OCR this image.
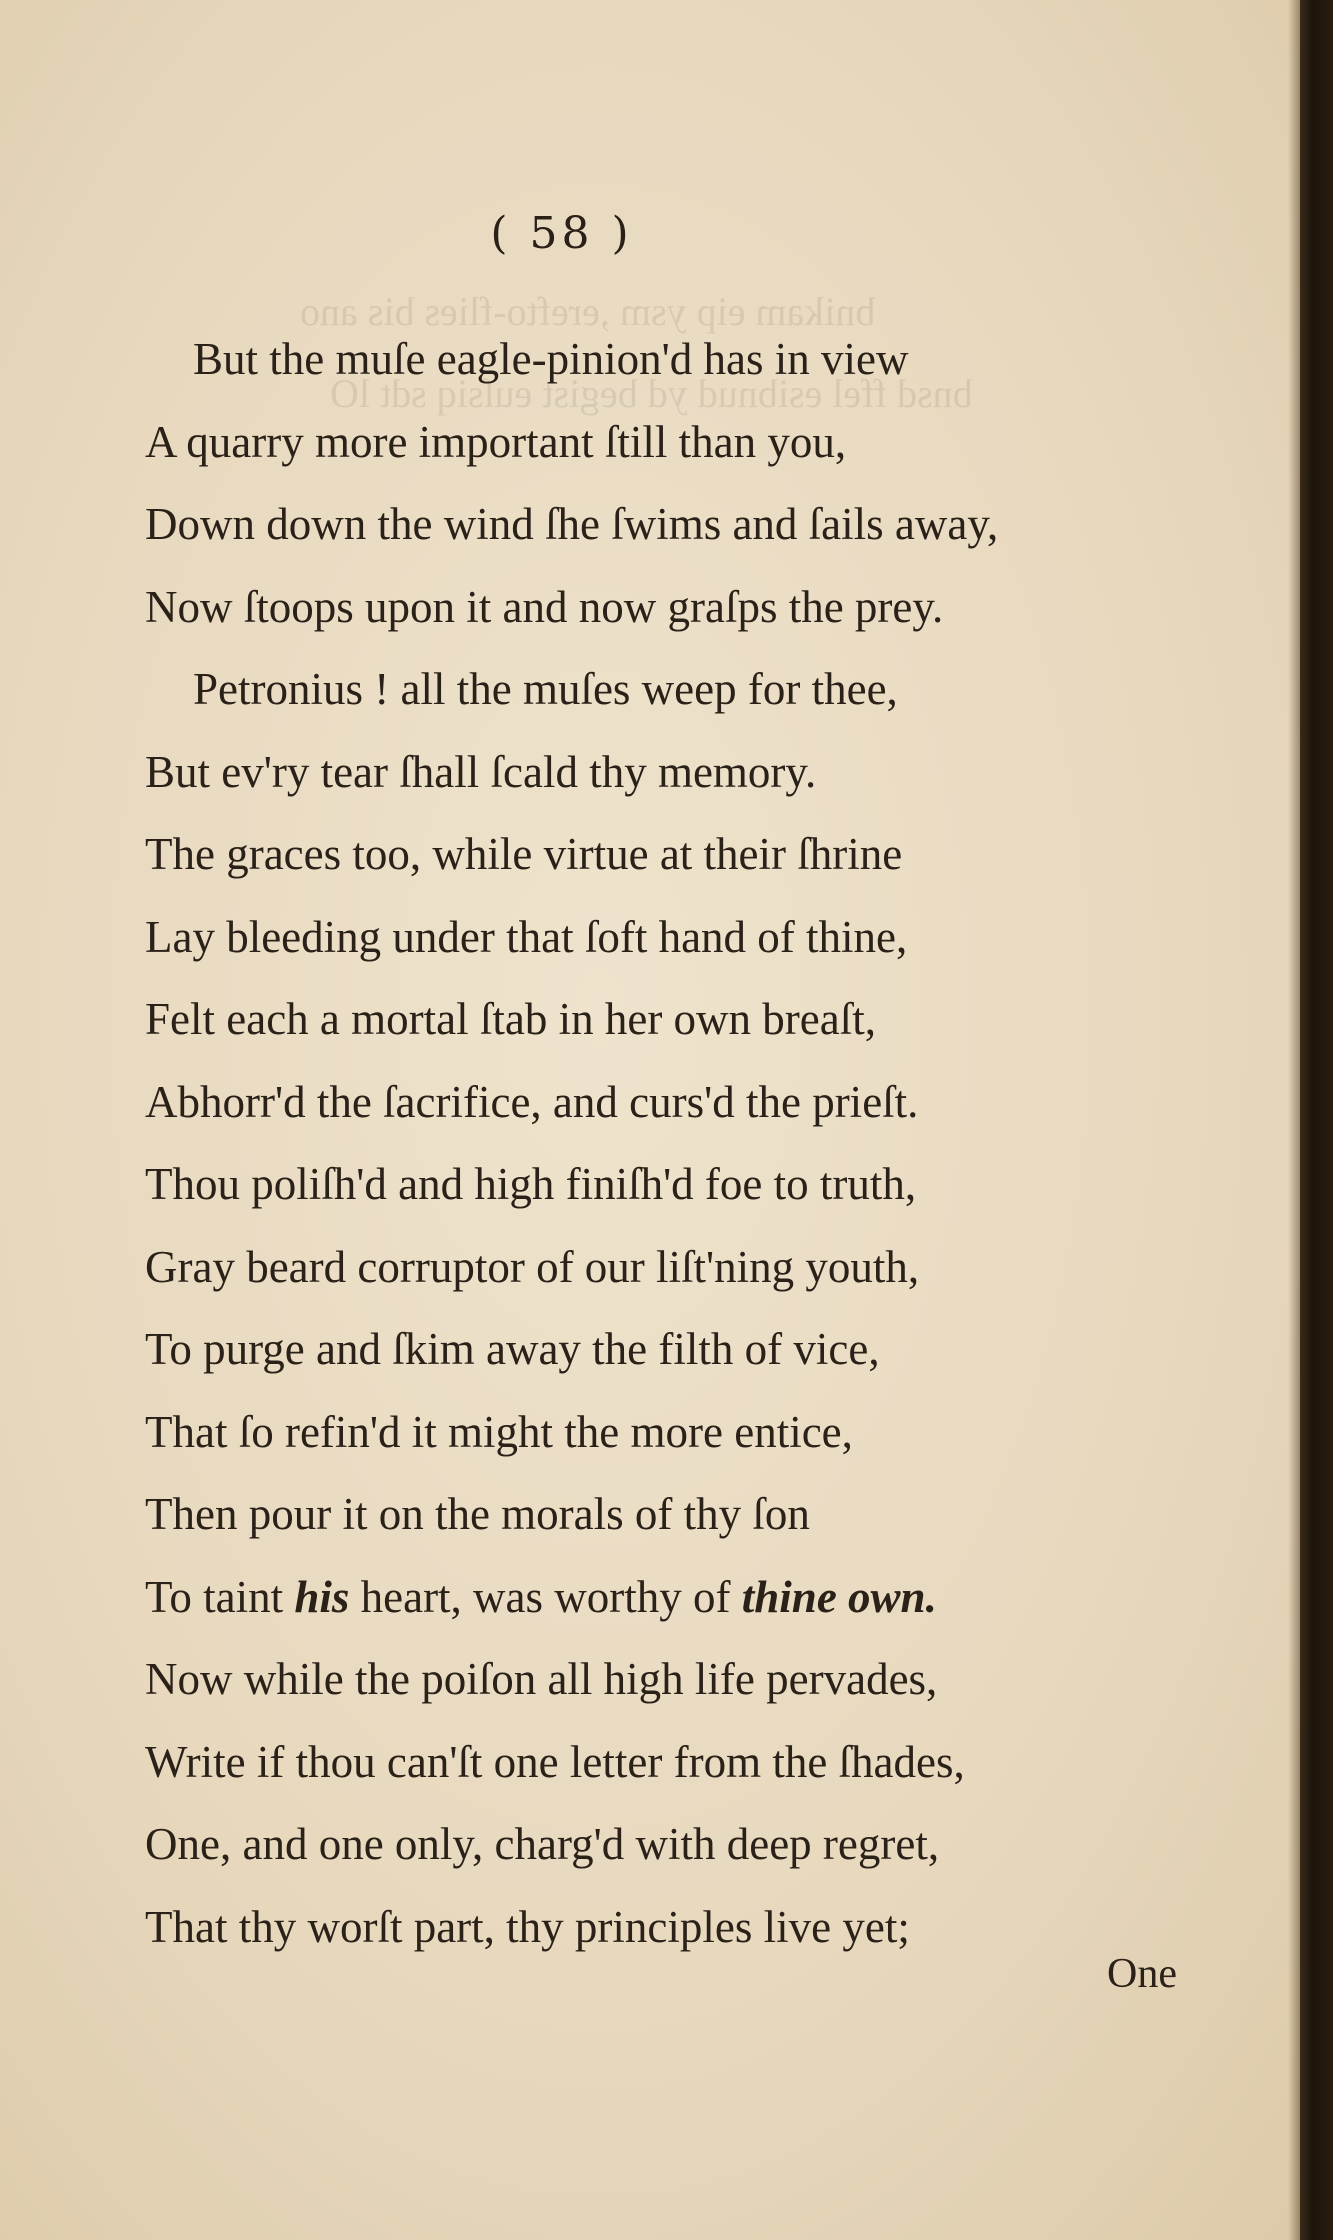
bnikam eip ysm ,erefto-flies bis ano
bnsd ffel esibnud yd begist euſsiq sdt lO
( 58 )
But the muſe eagle-pinion'd has in view
A quarry more important ſtill than you,
Down down the wind ſhe ſwims and ſails away,
Now ſtoops upon it and now graſps the prey.
Petronius ! all the muſes weep for thee,
But ev'ry tear ſhall ſcald thy memory.
The graces too, while virtue at their ſhrine
Lay bleeding under that ſoft hand of thine,
Felt each a mortal ſtab in her own breaſt,
Abhorr'd the ſacrifice, and curs'd the prieſt.
Thou poliſh'd and high finiſh'd foe to truth,
Gray beard corruptor of our liſt'ning youth,
To purge and ſkim away the filth of vice,
That ſo refin'd it might the more entice,
Then pour it on the morals of thy ſon
To taint his heart, was worthy of thine own.
Now while the poiſon all high life pervades,
Write if thou can'ſt one letter from the ſhades,
One, and one only, charg'd with deep regret,
That thy worſt part, thy principles live yet;
One
